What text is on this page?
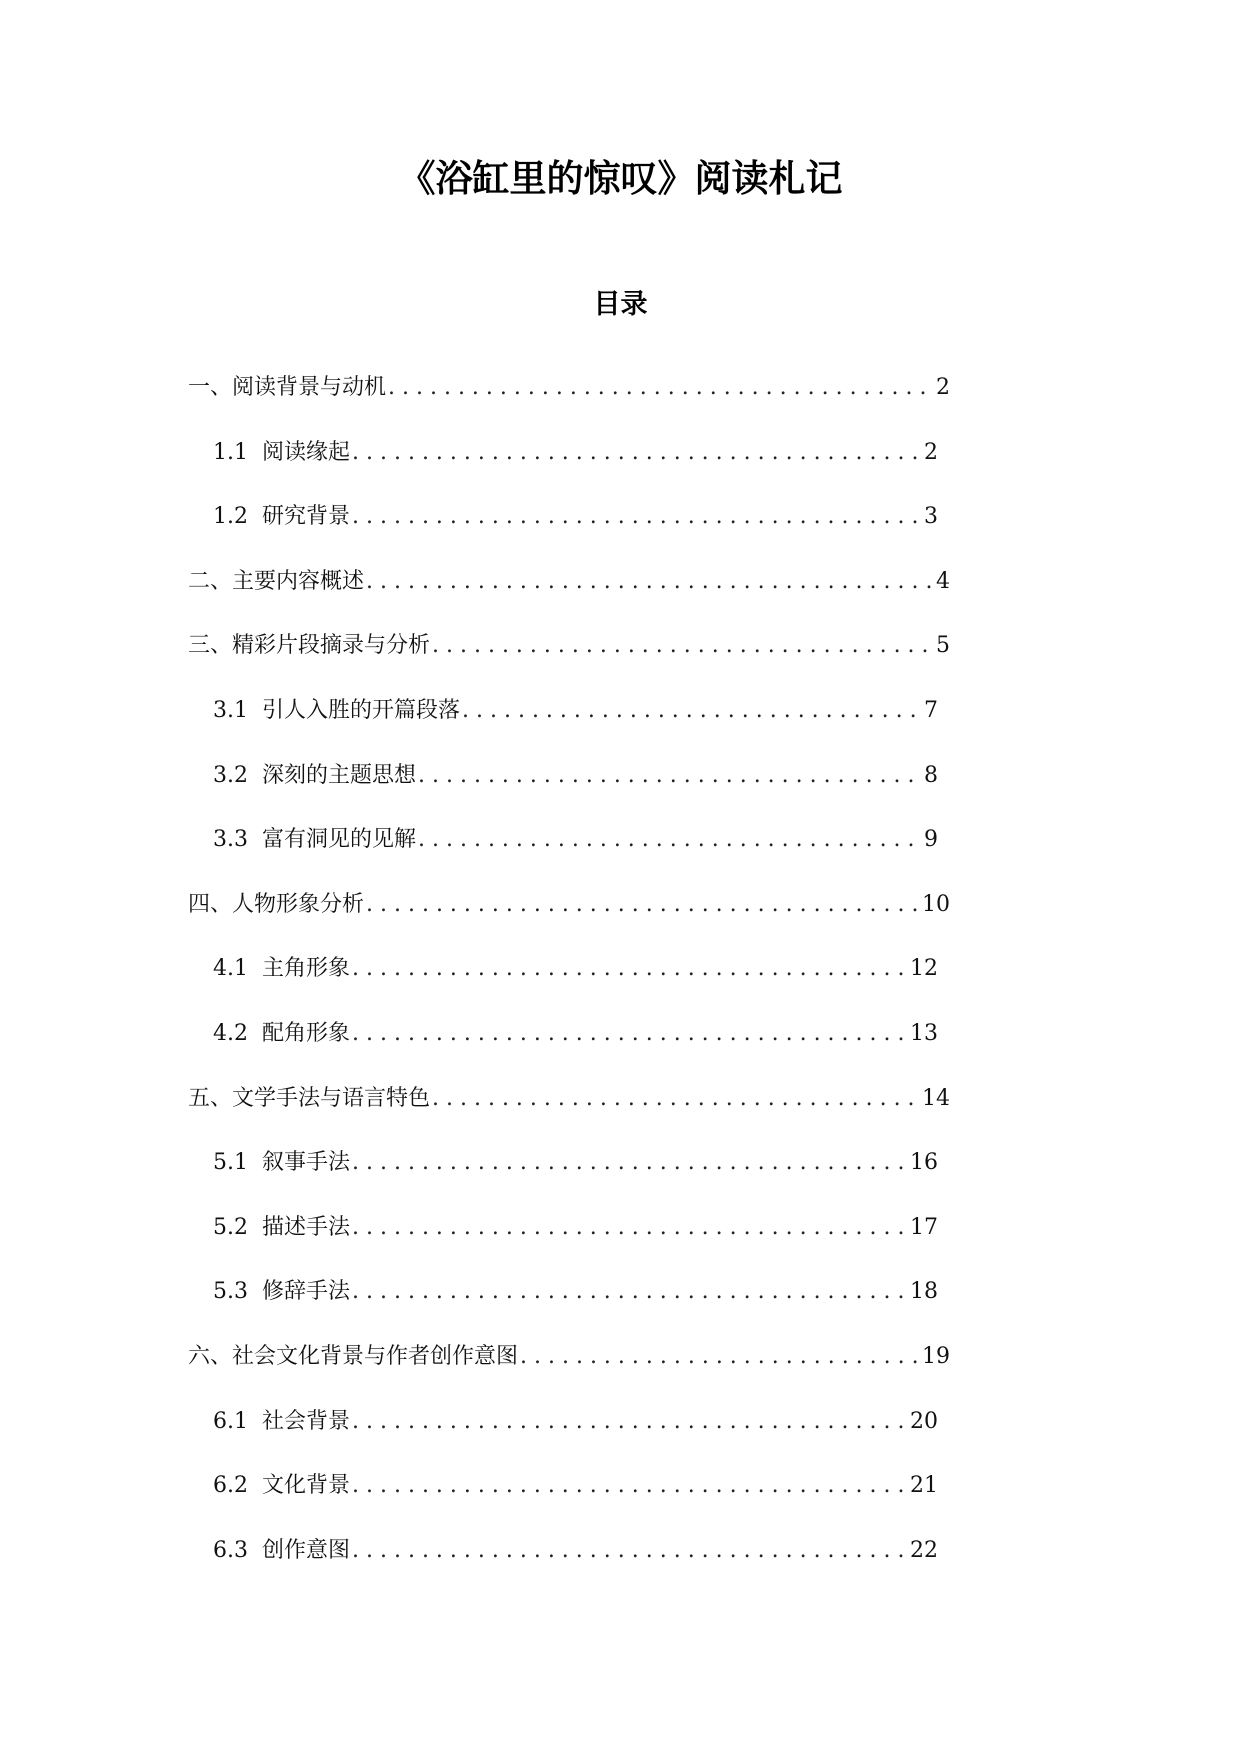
《浴缸里的惊叹》阅读札记
目录
一、阅读背景与动机 . . .	2
1.1 阅读缘起 . . .	2
1.2 研究背景 . . .	3
二、主要内容概述 . . .	4
三、精彩片段摘录与分析 . . .	5
3.1 引人入胜的开篇段落 . . .	7
3.2 深刻的主题思想 . . .	8
3.3 富有洞见的见解 . . .	9
四、人物形象分析 . . .	10
4.1 主角形象 . . .	12
4.2 配角形象 . . .	13
五、文学手法与语言特色 . . .	14
5.1 叙事手法 . . .	16
5.2 描述手法 . . .	17
5.3 修辞手法 . . .	18
六、社会文化背景与作者创作意图 . . .	19
6.1 社会背景 . . .	20
6.2 文化背景 . . .	21
6.3 创作意图 . . .	22
